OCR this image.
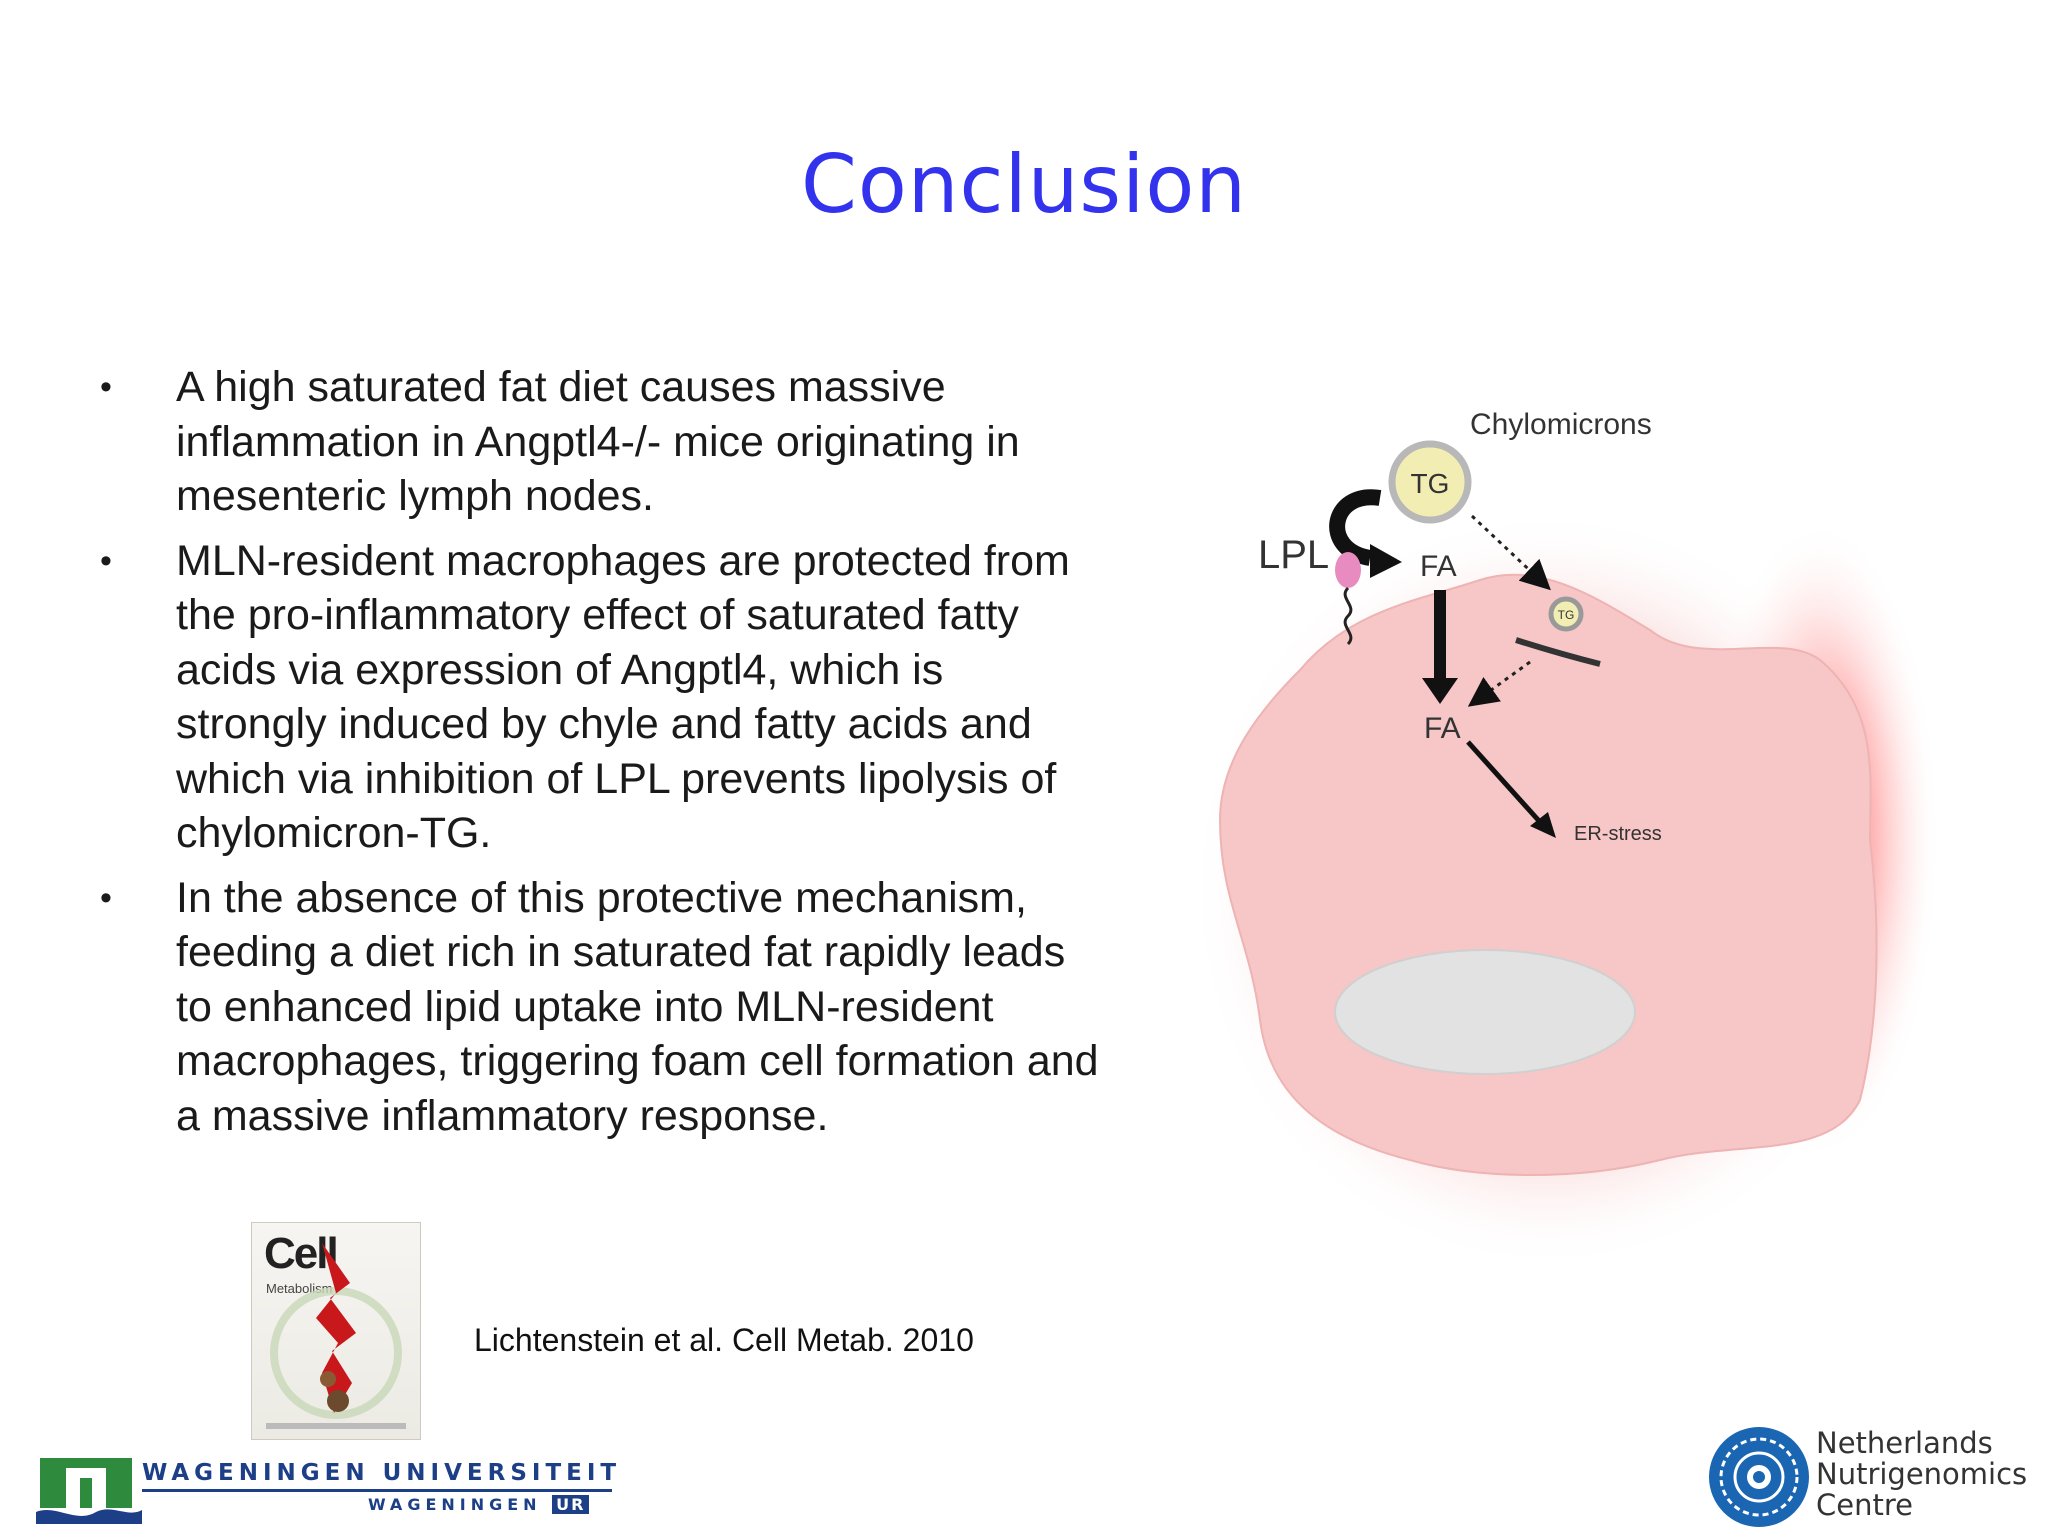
Conclusion
• A high saturated fat diet causes massive inflammation in Angptl4-/- mice originating in mesenteric lymph nodes.
• MLN-resident macrophages are protected from the pro-inflammatory effect of saturated fatty acids via expression of Angptl4, which is strongly induced by chyle and fatty acids and which via inhibition of LPL prevents lipolysis of chylomicron-TG.
• In the absence of this protective mechanism, feeding a diet rich in saturated fat rapidly leads to enhanced lipid uptake into MLN-resident macrophages, triggering foam cell formation and a massive inflammatory response.
Cell
Metabolism
Lichtenstein et al. Cell Metab. 2010
Chylomicrons
TG
LPL	FA
TG
FA
ER-stress
WAGENINGEN UNIVERSITEIT
WAGENINGEN UR
Netherlands
Nutrigenomics
Centre
